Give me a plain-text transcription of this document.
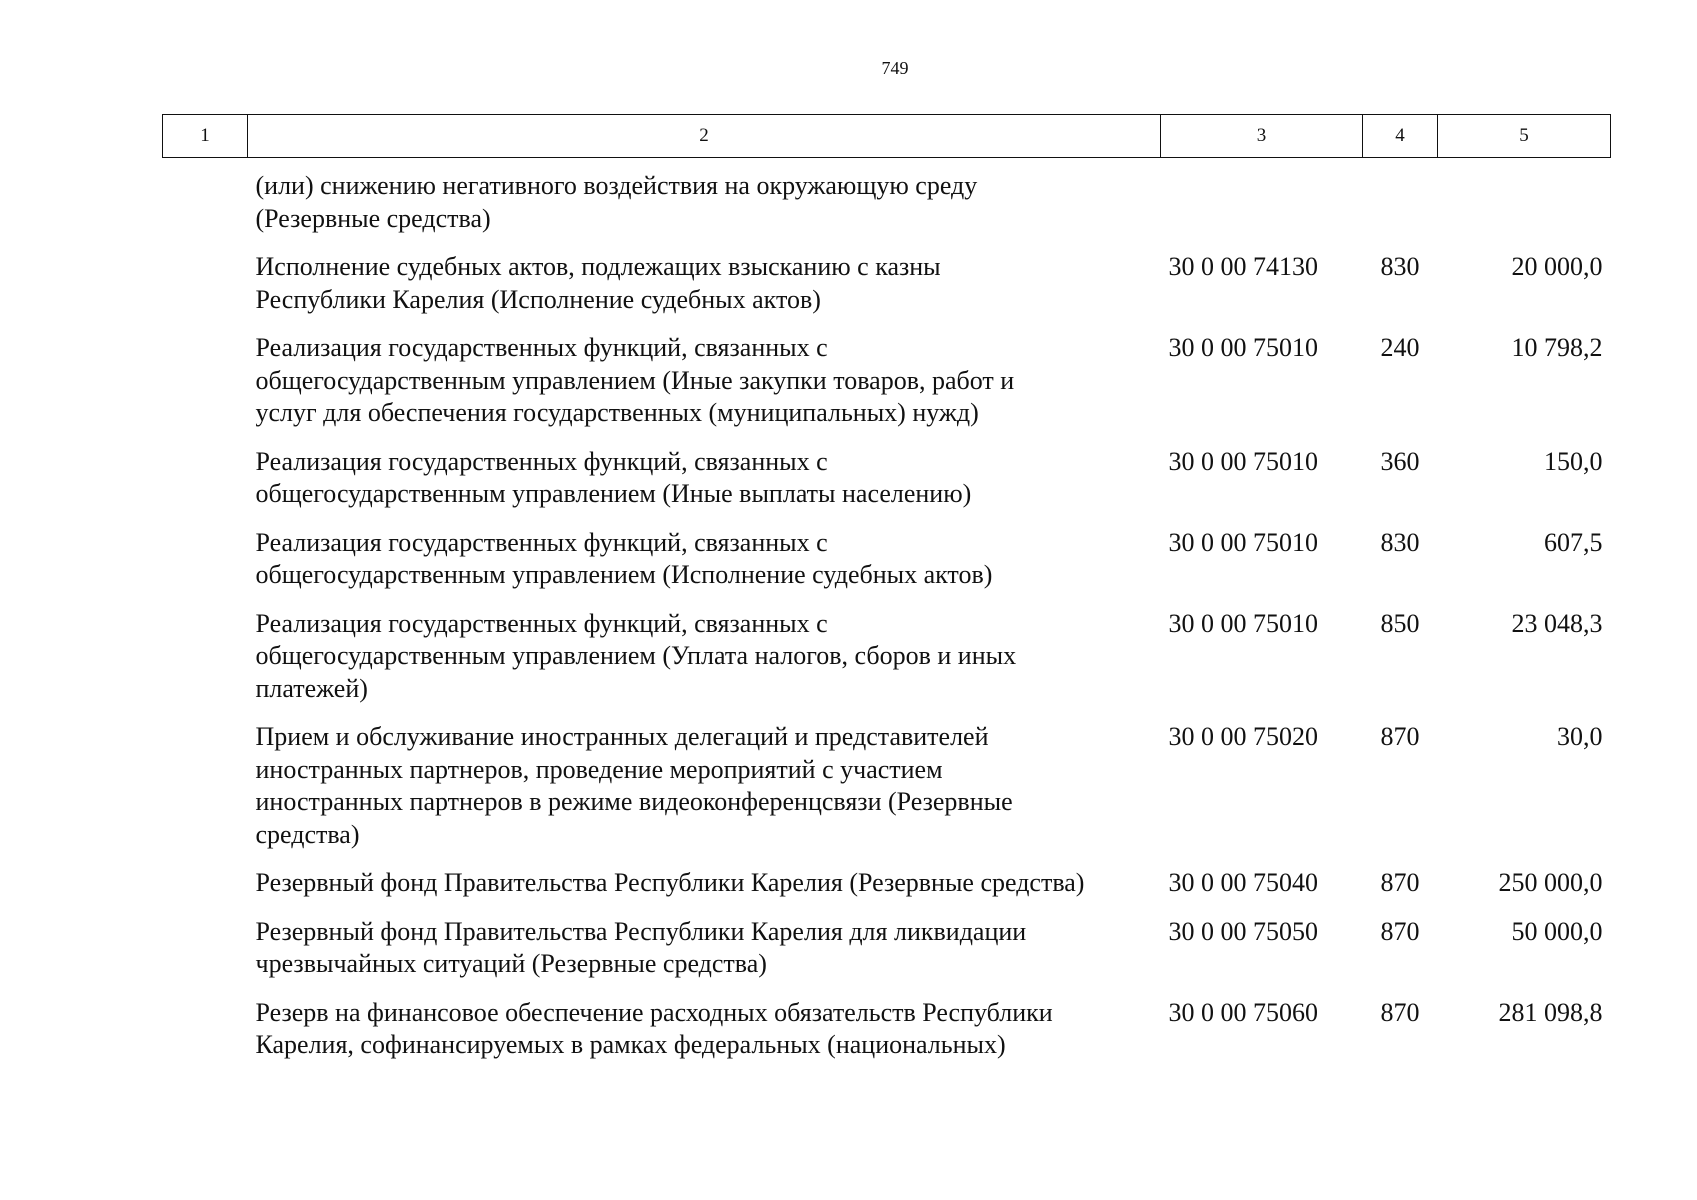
749
1	2	3	4	5

	(или) снижению негативного воздействия на окружающую среду
(Резервные средства)			

	Исполнение судебных актов, подлежащих взысканию с казны
Республики Карелия (Исполнение судебных актов)	30 0 00 74130	830	20 000,0

	Реализация государственных функций, связанных с
общегосударственным управлением (Иные закупки товаров, работ и
услуг для обеспечения государственных (муниципальных) нужд)	30 0 00 75010	240	10 798,2

	Реализация государственных функций, связанных с
общегосударственным управлением (Иные выплаты населению)	30 0 00 75010	360	150,0

	Реализация государственных функций, связанных с
общегосударственным управлением (Исполнение судебных актов)	30 0 00 75010	830	607,5

	Реализация государственных функций, связанных с
общегосударственным управлением (Уплата налогов, сборов и иных
платежей)	30 0 00 75010	850	23 048,3

	Прием и обслуживание иностранных делегаций и представителей
иностранных партнеров, проведение мероприятий с участием
иностранных партнеров в режиме видеоконференцсвязи (Резервные
средства)	30 0 00 75020	870	30,0

	Резервный фонд Правительства Республики Карелия (Резервные средства)	30 0 00 75040	870	250 000,0

	Резервный фонд Правительства Республики Карелия для ликвидации
чрезвычайных ситуаций (Резервные средства)	30 0 00 75050	870	50 000,0

	Резерв на финансовое обеспечение расходных обязательств Республики
Карелия, софинансируемых в рамках федеральных (национальных)	30 0 00 75060	870	281 098,8
